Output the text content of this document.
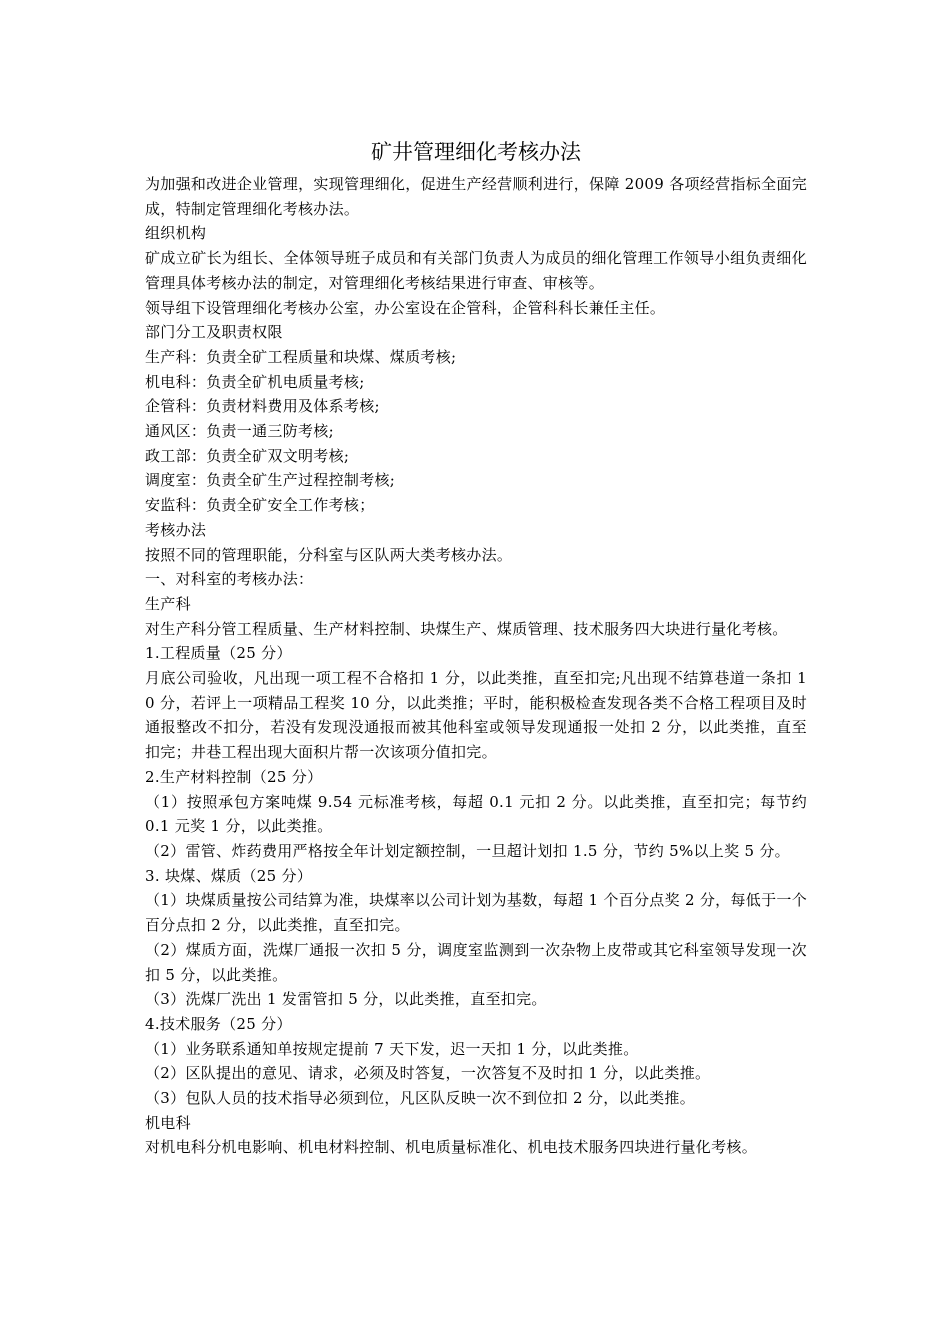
矿井管理细化考核办法

为加强和改进企业管理，实现管理细化，促进生产经营顺利进行，保障 2009 各项经营指标全面完成，特制定管理细化考核办法。

组织机构

矿成立矿长为组长、全体领导班子成员和有关部门负责人为成员的细化管理工作领导小组负责细化管理具体考核办法的制定，对管理细化考核结果进行审查、审核等。

领导组下设管理细化考核办公室，办公室设在企管科，企管科科长兼任主任。

部门分工及职责权限

生产科：负责全矿工程质量和块煤、煤质考核;

机电科：负责全矿机电质量考核;

企管科：负责材料费用及体系考核;

通风区：负责一通三防考核;

政工部：负责全矿双文明考核;

调度室：负责全矿生产过程控制考核;

安监科：负责全矿安全工作考核；

考核办法

按照不同的管理职能，分科室与区队两大类考核办法。

一、对科室的考核办法：

生产科

对生产科分管工程质量、生产材料控制、块煤生产、煤质管理、技术服务四大块进行量化考核。

1.工程质量（25 分）

月底公司验收，凡出现一项工程不合格扣 1 分，以此类推，直至扣完;凡出现不结算巷道一条扣 10 分，若评上一项精品工程奖 10 分，以此类推；平时，能积极检查发现各类不合格工程项目及时通报整改不扣分，若没有发现没通报而被其他科室或领导发现通报一处扣 2 分，以此类推，直至扣完；井巷工程出现大面积片帮一次该项分值扣完。

2.生产材料控制（25 分）

（1）按照承包方案吨煤 9.54 元标准考核，每超 0.1 元扣 2 分。以此类推，直至扣完；每节约 0.1 元奖 1 分，以此类推。

（2）雷管、炸药费用严格按全年计划定额控制，一旦超计划扣 1.5 分，节约 5%以上奖 5 分。

3. 块煤、煤质（25 分）

（1）块煤质量按公司结算为准，块煤率以公司计划为基数，每超 1 个百分点奖 2 分，每低于一个百分点扣 2 分，以此类推，直至扣完。

（2）煤质方面，洗煤厂通报一次扣 5 分，调度室监测到一次杂物上皮带或其它科室领导发现一次扣 5 分，以此类推。

（3）洗煤厂洗出 1 发雷管扣 5 分，以此类推，直至扣完。

4.技术服务（25 分）

（1）业务联系通知单按规定提前 7 天下发，迟一天扣 1 分，以此类推。

（2）区队提出的意见、请求，必须及时答复，一次答复不及时扣 1 分，以此类推。

（3）包队人员的技术指导必须到位，凡区队反映一次不到位扣 2 分，以此类推。

机电科

对机电科分机电影响、机电材料控制、机电质量标准化、机电技术服务四块进行量化考核。
